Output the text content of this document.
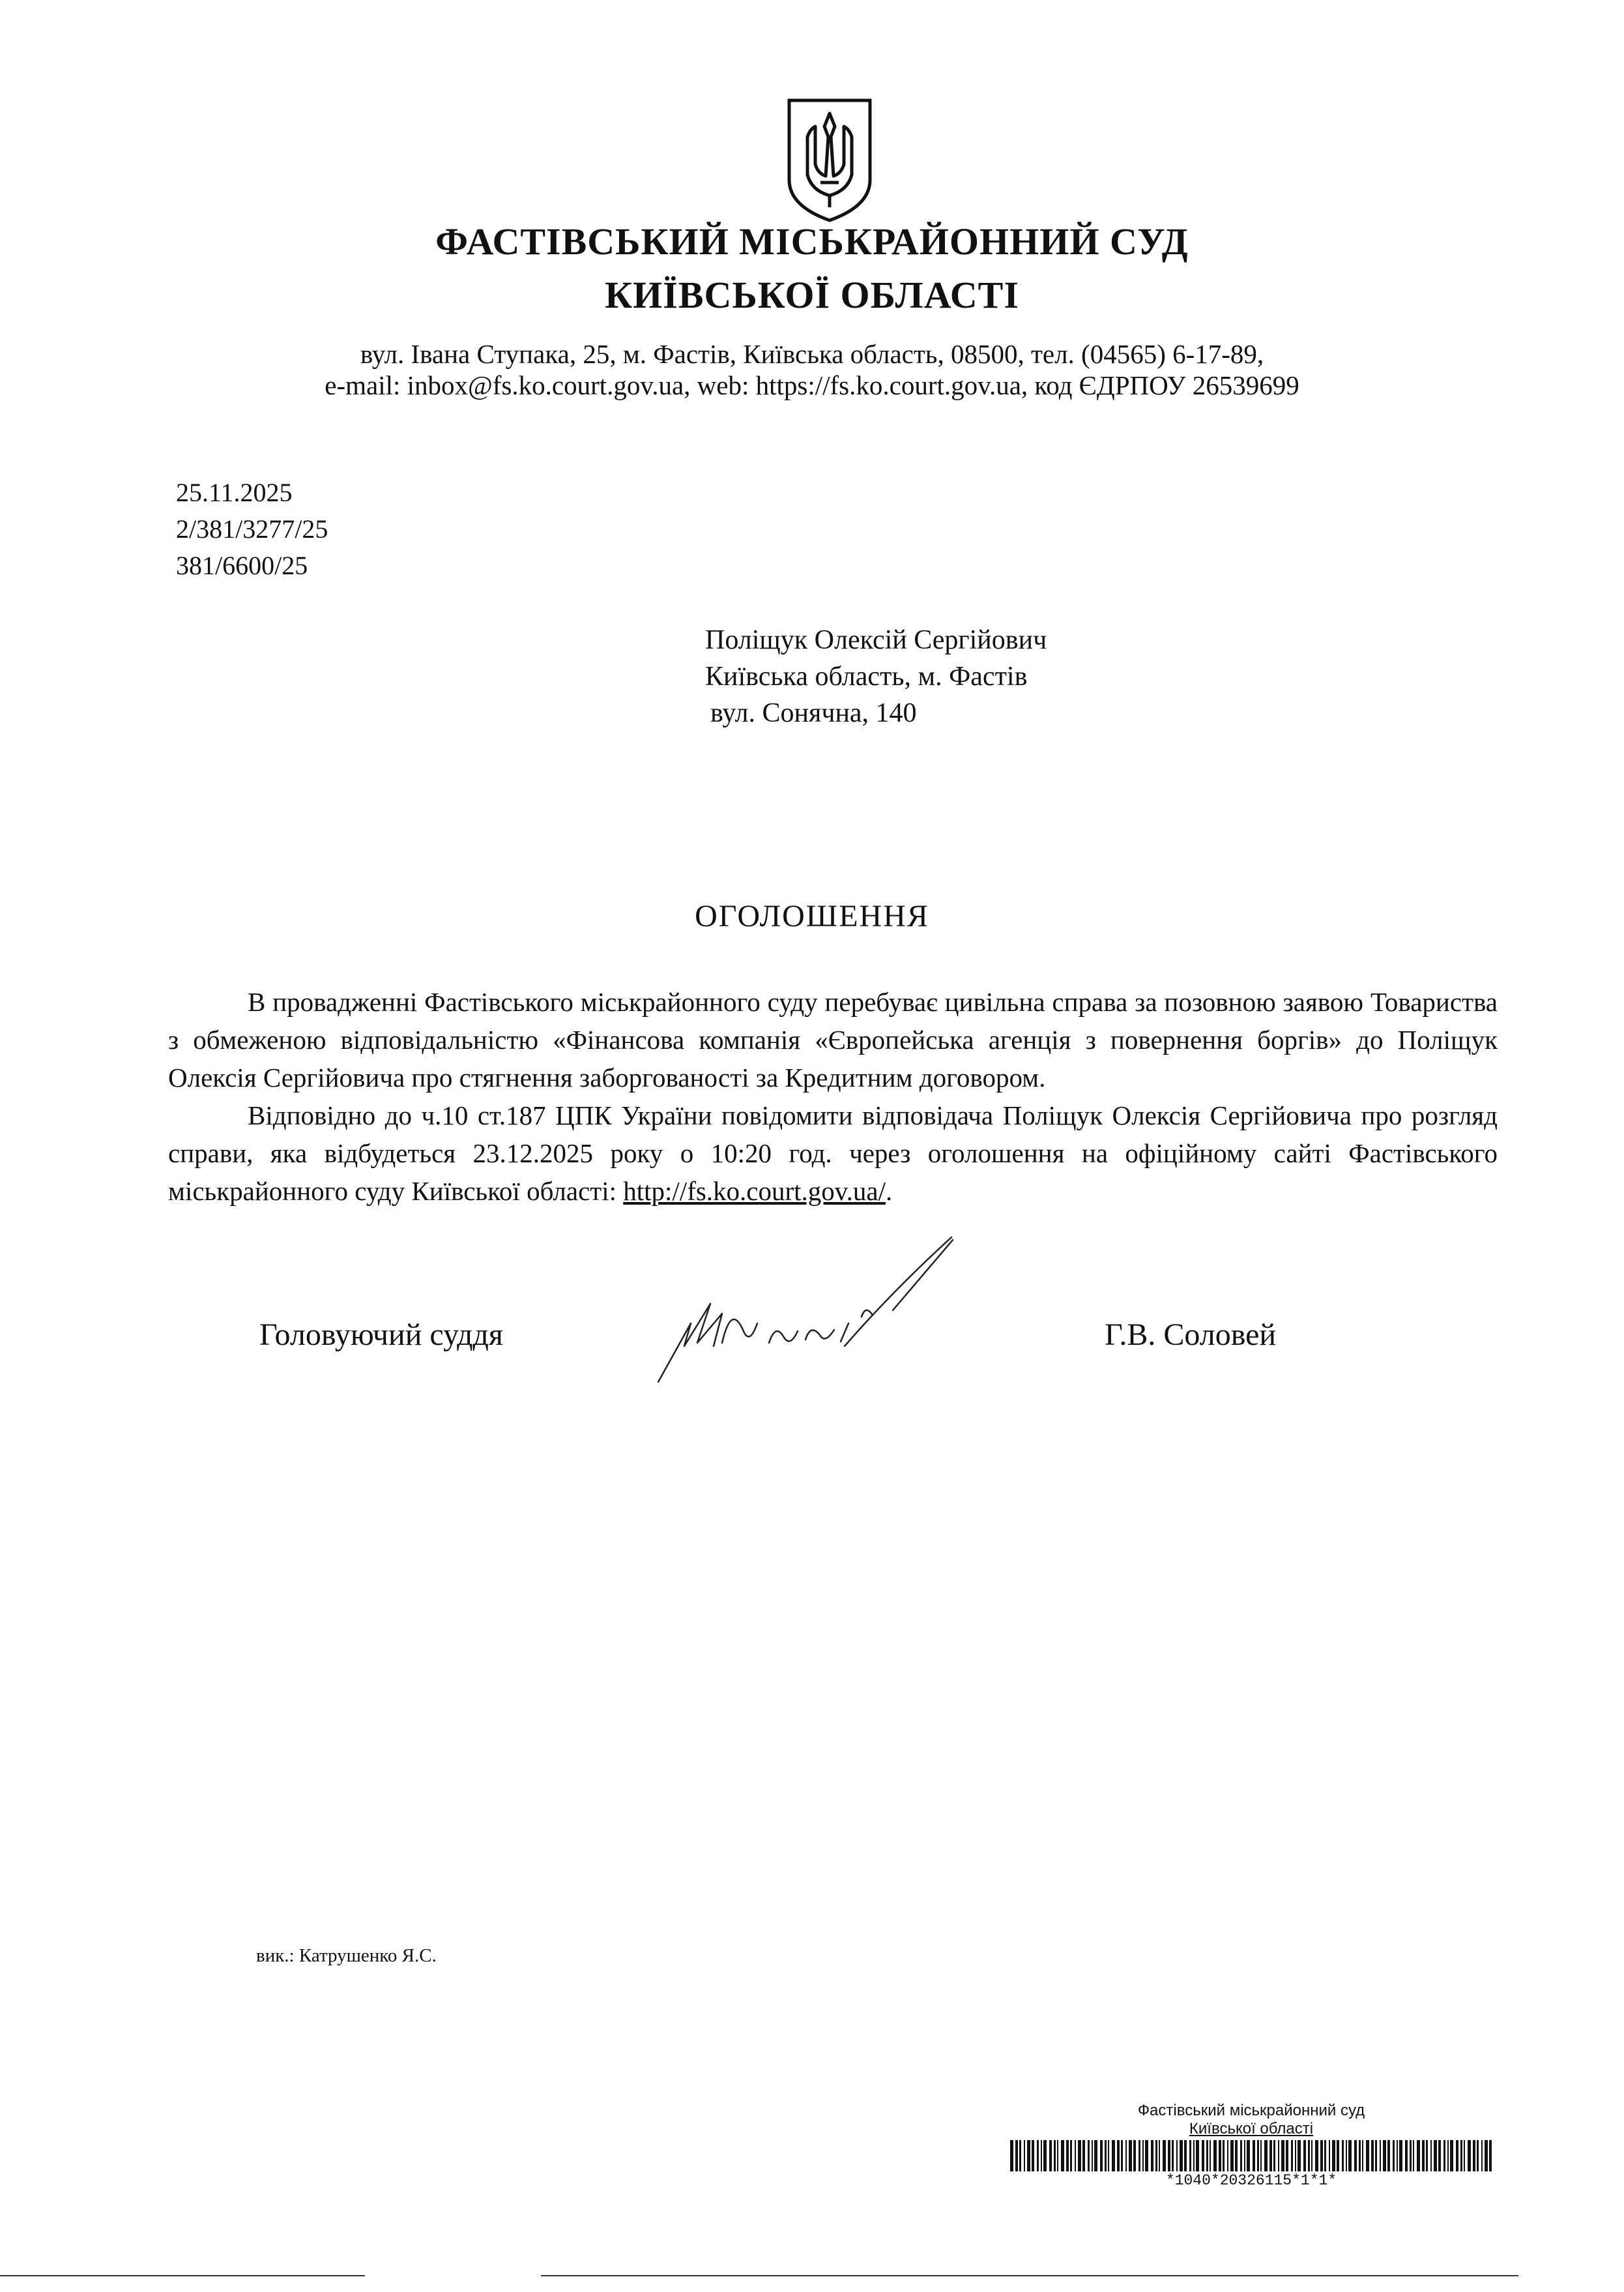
ФАСТІВСЬКИЙ МІСЬКРАЙОННИЙ СУД
КИЇВСЬКОЇ ОБЛАСТІ
вул. Івана Ступака, 25, м. Фастів, Київська область, 08500, тел. (04565) 6-17-89,
e-mail: inbox@fs.ko.court.gov.ua, web: https://fs.ko.court.gov.ua, код ЄДРПОУ 26539699
25.11.2025
2/381/3277/25
381/6600/25
Поліщук Олексій Сергійович
Київська область, м. Фастів
вул. Сонячна, 140
ОГОЛОШЕННЯ

В провадженні Фастівського міськрайонного суду перебуває цивільна справа за позовною заявою Товариства з обмеженою відповідальністю «Фінансова компанія «Європейська агенція з повернення боргів» до Поліщук Олексія Сергійовича про стягнення заборгованості за Кредитним договором.

Відповідно до ч.10 ст.187 ЦПК України повідомити відповідача Поліщук Олексія Сергійовича про розгляд справи, яка відбудеться 23.12.2025 року о 10:20 год. через оголошення на офіційному сайті Фастівського міськрайонного суду Київської області: http://fs.ko.court.gov.ua/.

Головуючий суддя	Г.В. Соловей
вик.: Катрушенко Я.С.
Фастівський міськрайонний суд
Київської області
*1040*20326115*1*1*
